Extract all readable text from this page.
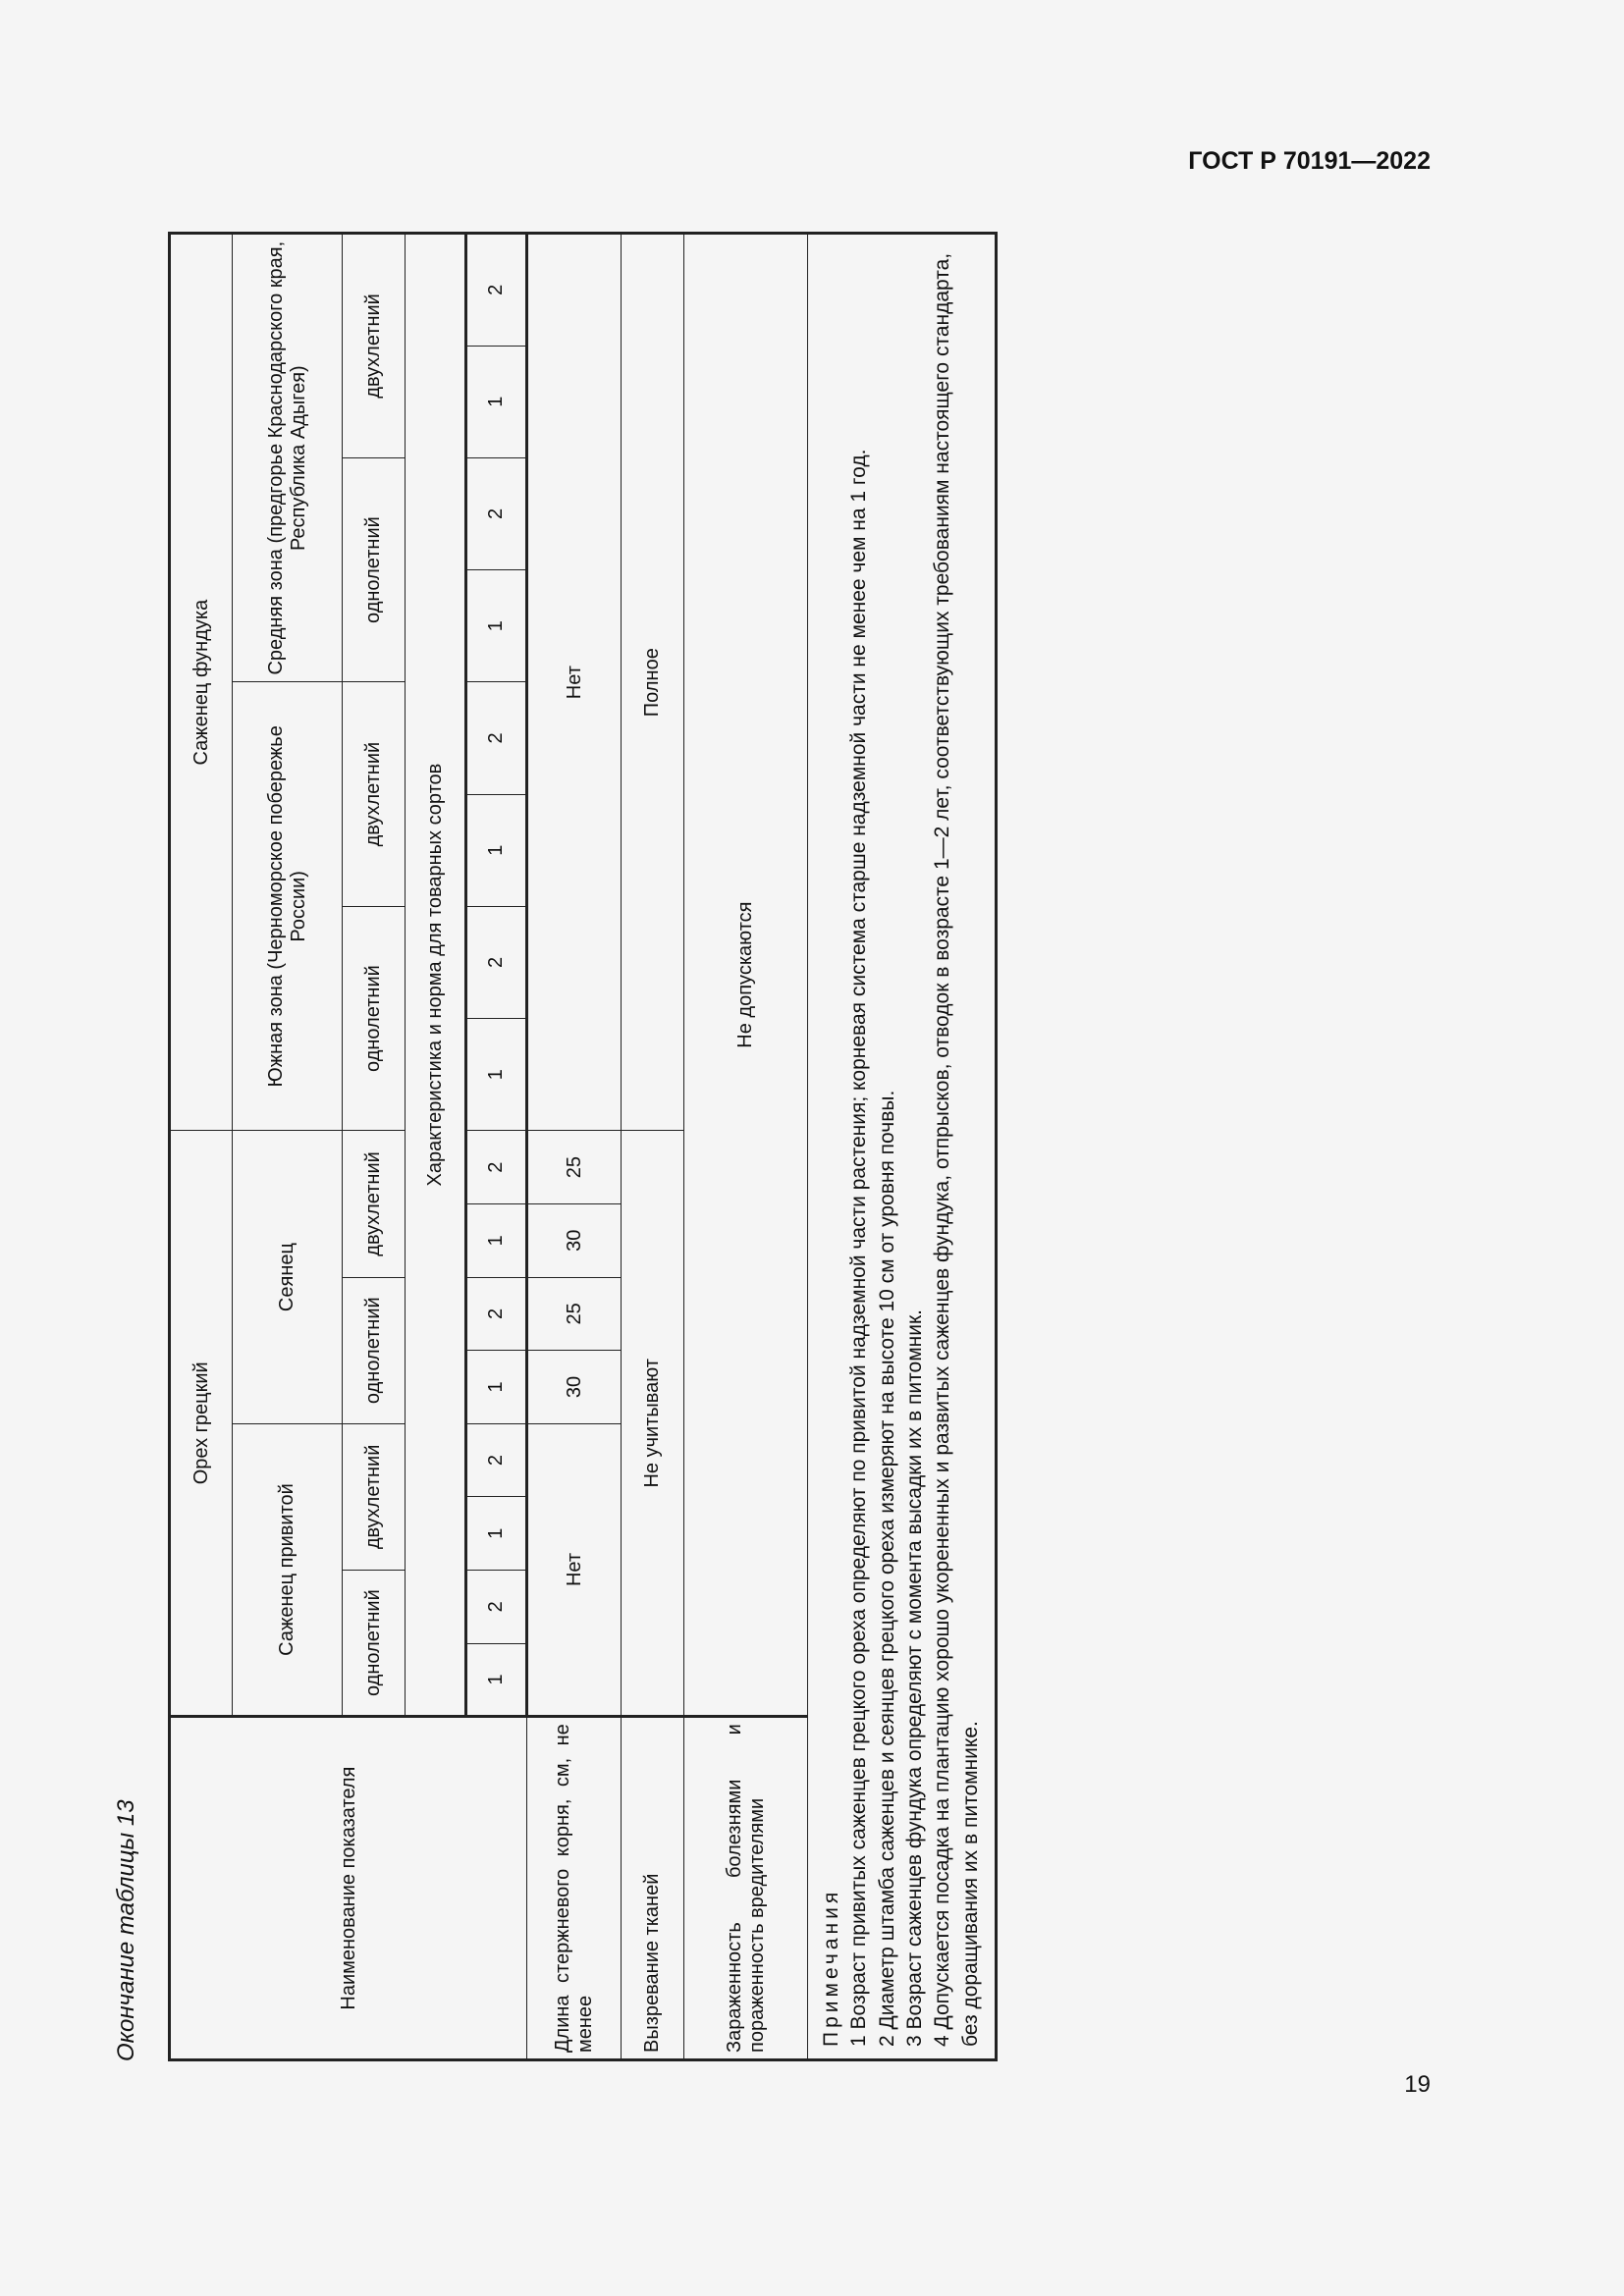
ГОСТ Р 70191—2022
19
Окончание таблицы 13	Наименование показателя	Орех грецкий								Саженец фундука							
	Саженец привитой				Сеянец				Южная зона (Черноморское побережье России)				Средняя зона (предгорье Краснодарского края, Республика Адыгея)			
	однолетний		двухлетний		однолетний		двухлетний		однолетний		двухлетний		однолетний		двухлетний	
	Характеристика и норма для товарных сортов															
	1	2	1	2	1	2	1	2	1	2	1	2	1	2	1	2
Длина стержневого корня, см, не менее	Нет				30	25	30	25	Нет							
Вызревание тканей	Не учитывают								Полное							
Зараженность болезнями и пораженность вредителями	Не допускаются															

Примечания 1 Возраст привитых саженцев грецкого ореха определяют по привитой надземной части растения; корневая система старше надземной части не менее чем на 1 год. 2 Диаметр штамба саженцев и сеянцев грецкого ореха измеряют на высоте 10 см от уровня почвы. 3 Возраст саженцев фундука определяют с момента высадки их в питомник. 4 Допускается посадка на плантацию хорошо укорененных и развитых саженцев фундука, отпрысков, отводок в возрасте 1—2 лет, соответствующих требованиям настоящего стандарта, без доращивания их в питомнике.																
